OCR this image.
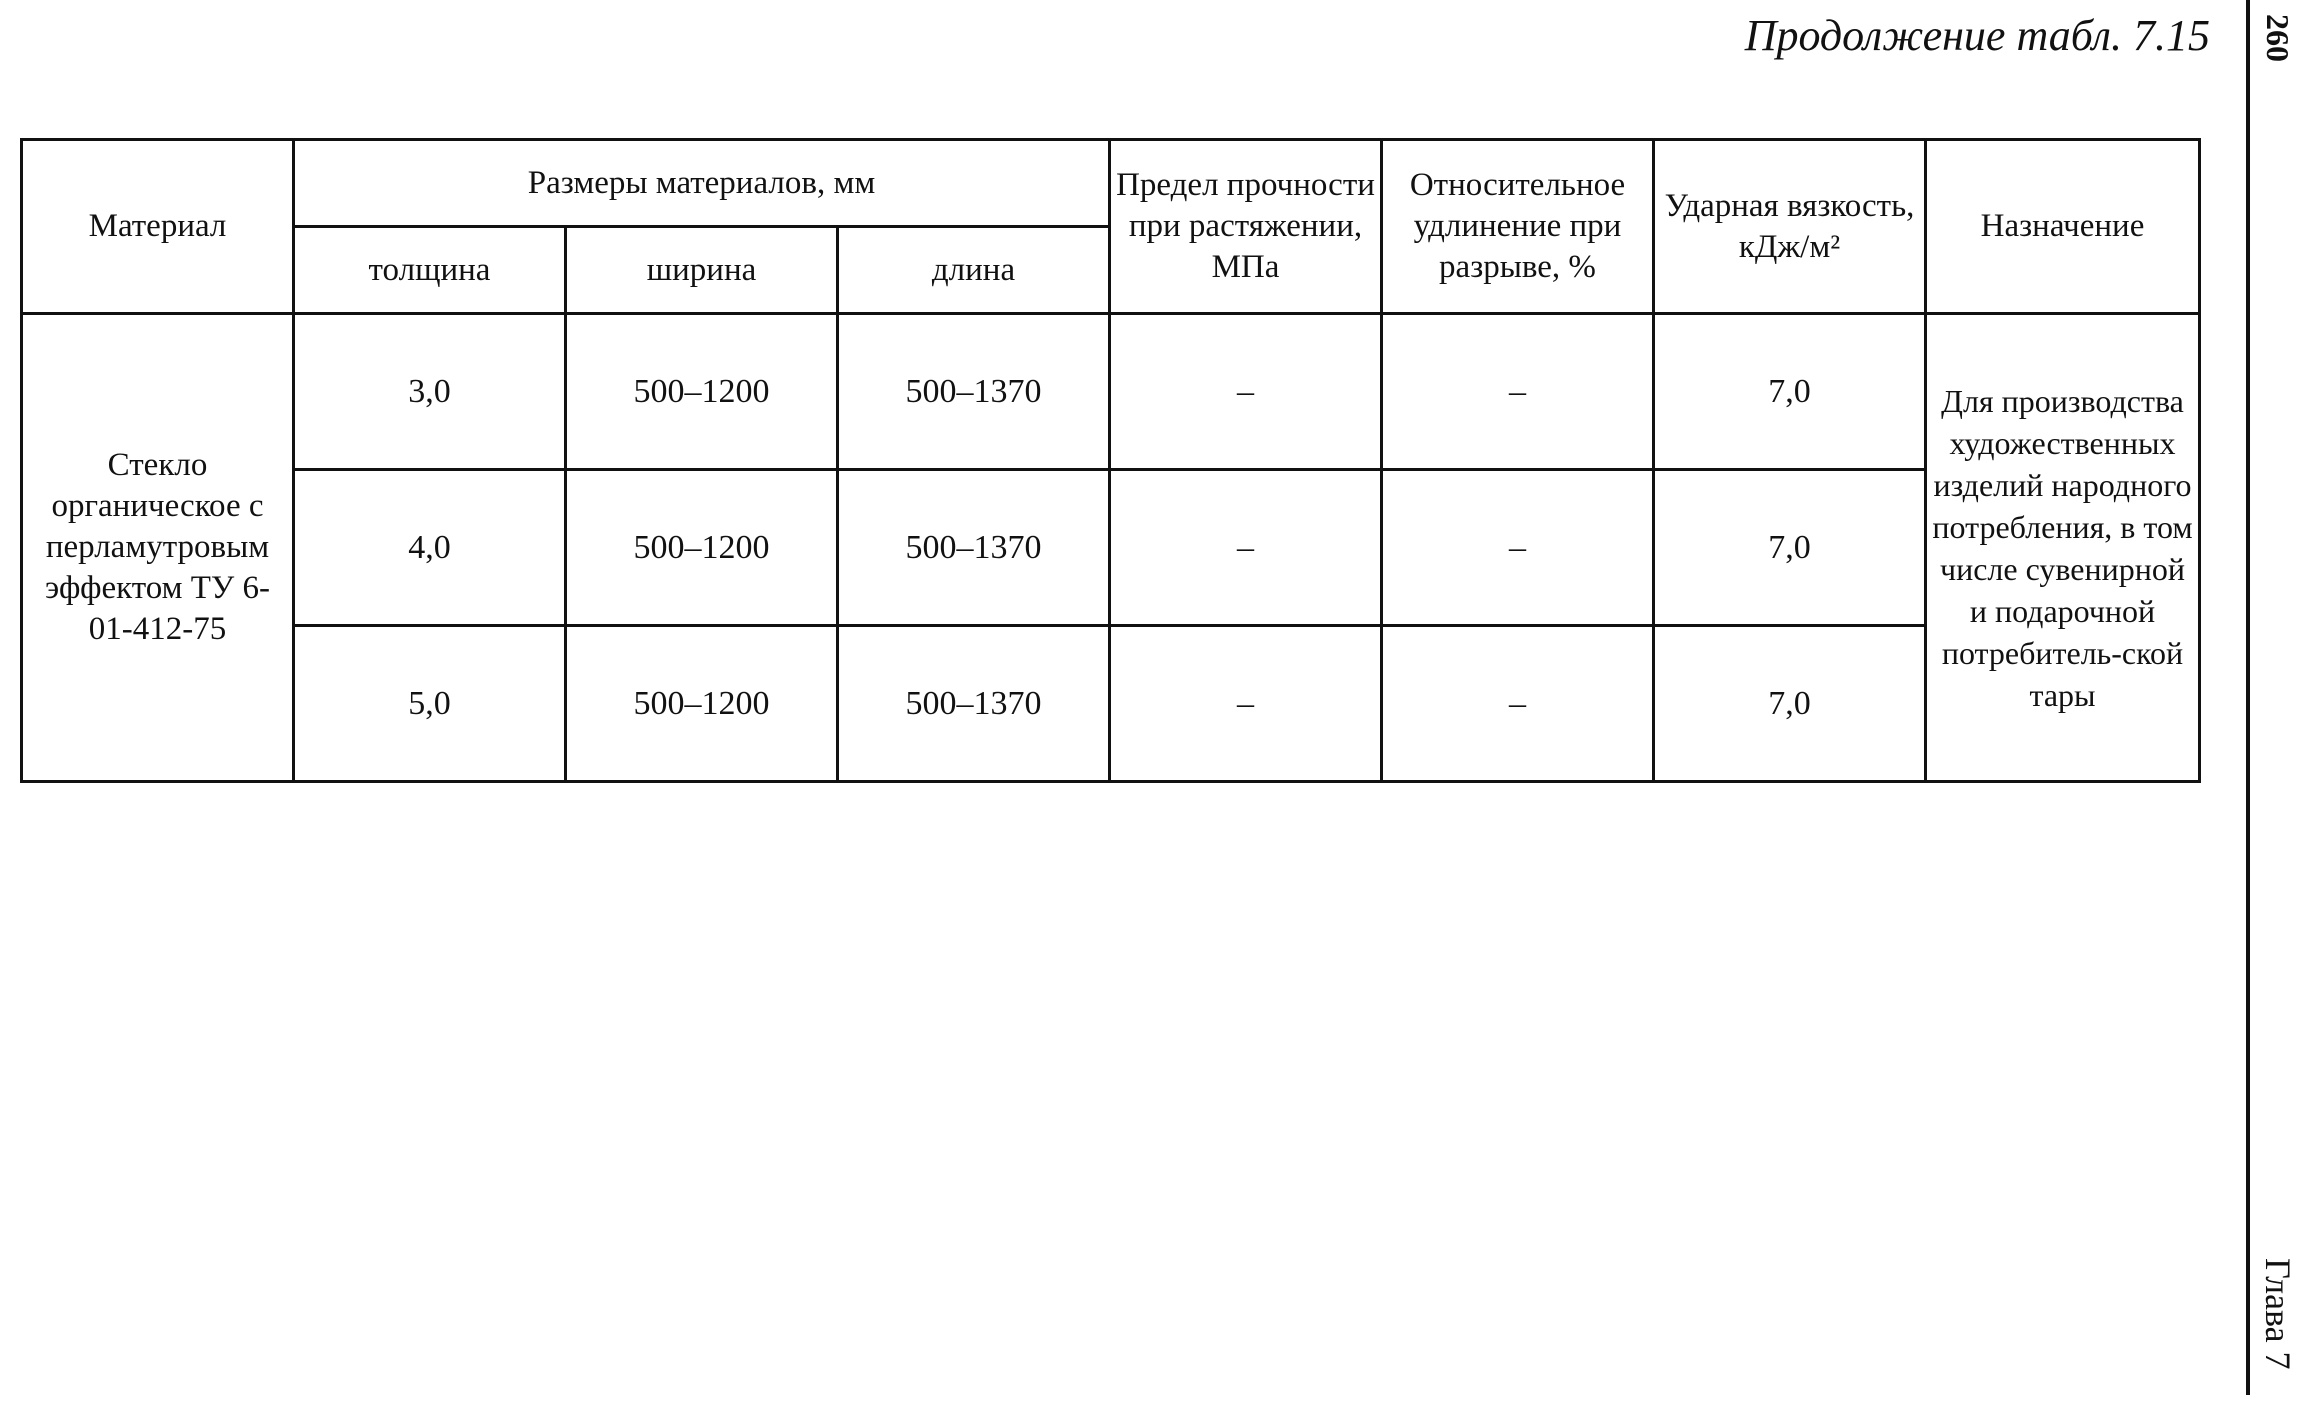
Продолжение табл. 7.15 260
Глава 7
Материал	Размеры материалов, мм			Предел прочности при растяжении, МПа	Относительное удлинение при разрыве, %	Ударная вязкость, кДж/м²	Назначение
	толщина	ширина	длина				
Стекло органическое с перламутровым эффектом ТУ 6-01-412-75	3,0	500–1200	500–1370	–	–	7,0	Для производства художественных изделий народного потребления, в том числе сувенирной и подарочной потребитель-ской тары
	4,0	500–1200	500–1370	–	–	7,0	
	5,0	500–1200	500–1370	–	–	7,0	
